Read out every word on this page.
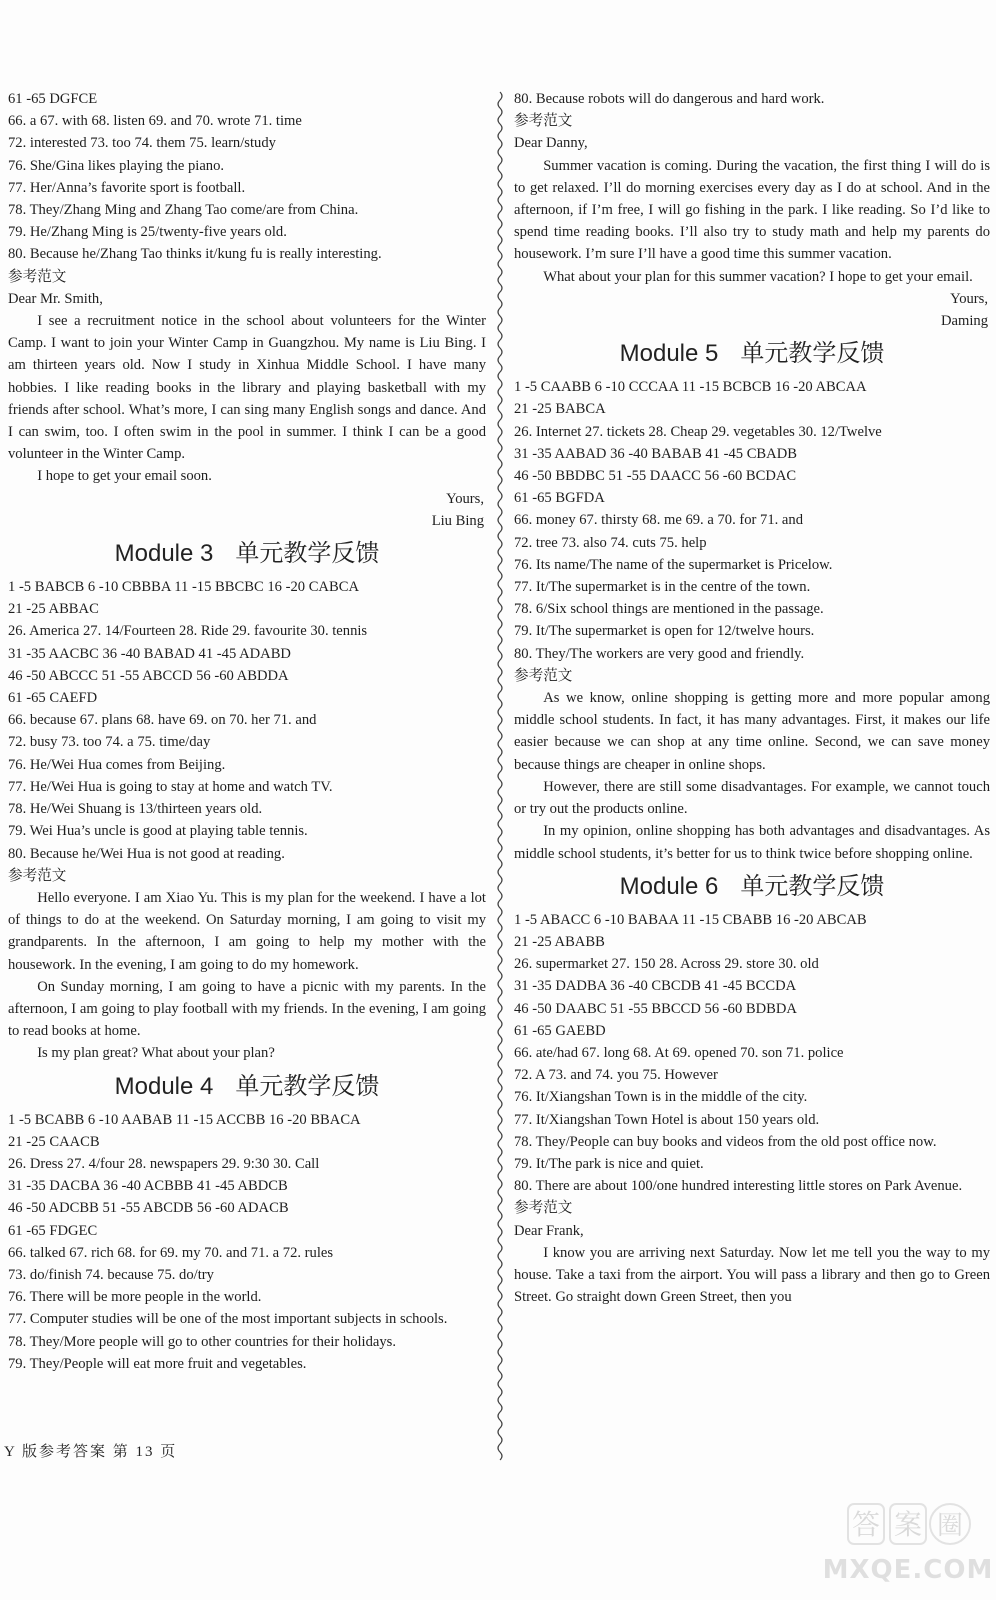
61 -65 DGFCE
66. a 67. with 68. listen 69. and 70. wrote 71. time
72. interested 73. too 74. them 75. learn/study
76. She/Gina likes playing the piano.
77. Her/Anna’s favorite sport is football.
78. They/Zhang Ming and Zhang Tao come/are from China.
79. He/Zhang Ming is 25/twenty-five years old.
80. Because he/Zhang Tao thinks it/kung fu is really interesting.
参考范文
Dear Mr. Smith,

I see a recruitment notice in the school about volunteers for the Winter Camp. I want to join your Winter Camp in Guangzhou. My name is Liu Bing. I am thirteen years old. Now I study in Xinhua Middle School. I have many hobbies. I like reading books in the library and playing basketball with my friends after school. What’s more, I can sing many English songs and dance. And I can swim, too. I often swim in the pool in summer. I think I can be a good volunteer in the Winter Camp.

I hope to get your email soon.

Yours,
Liu Bing
Module 3 单元教学反馈
1 -5 BABCB 6 -10 CBBBA 11 -15 BBCBC 16 -20 CABCA
21 -25 ABBAC
26. America 27. 14/Fourteen 28. Ride 29. favourite 30. tennis
31 -35 AACBC 36 -40 BABAD 41 -45 ADABD
46 -50 ABCCC 51 -55 ABCCD 56 -60 ABDDA
61 -65 CAEFD
66. because 67. plans 68. have 69. on 70. her 71. and
72. busy 73. too 74. a 75. time/day
76. He/Wei Hua comes from Beijing.
77. He/Wei Hua is going to stay at home and watch TV.
78. He/Wei Shuang is 13/thirteen years old.
79. Wei Hua’s uncle is good at playing table tennis.
80. Because he/Wei Hua is not good at reading.
参考范文

Hello everyone. I am Xiao Yu. This is my plan for the weekend. I have a lot of things to do at the weekend. On Saturday morning, I am going to visit my grandparents. In the afternoon, I am going to help my mother with the housework. In the evening, I am going to do my homework.

On Sunday morning, I am going to have a picnic with my parents. In the afternoon, I am going to play football with my friends. In the evening, I am going to read books at home.

Is my plan great? What about your plan?

Module 4 单元教学反馈
1 -5 BCABB 6 -10 AABAB 11 -15 ACCBB 16 -20 BBACA
21 -25 CAACB
26. Dress 27. 4/four 28. newspapers 29. 9:30 30. Call
31 -35 DACBA 36 -40 ACBBB 41 -45 ABDCB
46 -50 ADCBB 51 -55 ABCDB 56 -60 ADACB
61 -65 FDGEC
66. talked 67. rich 68. for 69. my 70. and 71. a 72. rules
73. do/finish 74. because 75. do/try
76. There will be more people in the world.
77. Computer studies will be one of the most important subjects in schools.
78. They/More people will go to other countries for their holidays.
79. They/People will eat more fruit and vegetables.
80. Because robots will do dangerous and hard work.
参考范文
Dear Danny,

Summer vacation is coming. During the vacation, the first thing I will do is to get relaxed. I’ll do morning exercises every day as I do at school. And in the afternoon, if I’m free, I will go fishing in the park. I like reading. So I’d like to spend time reading books. I’ll also try to study math and help my parents do housework. I’m sure I’ll have a good time this summer vacation.

What about your plan for this summer vacation? I hope to get your email.

Yours,
Daming
Module 5 单元教学反馈
1 -5 CAABB 6 -10 CCCAA 11 -15 BCBCB 16 -20 ABCAA
21 -25 BABCA
26. Internet 27. tickets 28. Cheap 29. vegetables 30. 12/Twelve
31 -35 AABAD 36 -40 BABAB 41 -45 CBADB
46 -50 BBDBC 51 -55 DAACC 56 -60 BCDAC
61 -65 BGFDA
66. money 67. thirsty 68. me 69. a 70. for 71. and
72. tree 73. also 74. cuts 75. help
76. Its name/The name of the supermarket is Pricelow.
77. It/The supermarket is in the centre of the town.
78. 6/Six school things are mentioned in the passage.
79. It/The supermarket is open for 12/twelve hours.
80. They/The workers are very good and friendly.
参考范文

As we know, online shopping is getting more and more popular among middle school students. In fact, it has many advantages. First, it makes our life easier because we can shop at any time online. Second, we can save money because things are cheaper in online shops.

However, there are still some disadvantages. For example, we cannot touch or try out the products online.

In my opinion, online shopping has both advantages and disadvantages. As middle school students, it’s better for us to think twice before shopping online.

Module 6 单元教学反馈
1 -5 ABACC 6 -10 BABAA 11 -15 CBABB 16 -20 ABCAB
21 -25 ABABB
26. supermarket 27. 150 28. Across 29. store 30. old
31 -35 DADBA 36 -40 CBCDB 41 -45 BCCDA
46 -50 DAABC 51 -55 BBCCD 56 -60 BDBDA
61 -65 GAEBD
66. ate/had 67. long 68. At 69. opened 70. son 71. police
72. A 73. and 74. you 75. However
76. It/Xiangshan Town is in the middle of the city.
77. It/Xiangshan Town Hotel is about 150 years old.
78. They/People can buy books and videos from the old post office now.
79. It/The park is nice and quiet.
80. There are about 100/one hundred interesting little stores on Park Avenue.
参考范文
Dear Frank,

I know you are arriving next Saturday. Now let me tell you the way to my house. Take a taxi from the airport. You will pass a library and then go to Green Street. Go straight down Green Street, then you

Y 版参考答案 第 13 页
答 案 圈
MXQE.COM
